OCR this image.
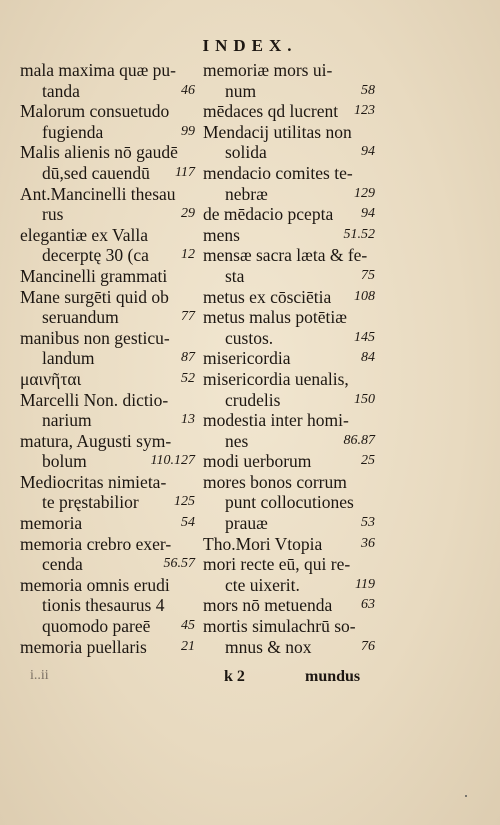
INDEX.
mala maxima quæ pu-
tanda	46
Malorum consuetudo
fugienda	99
Malis alienis nō gaudē
dū,sed cauendū 117
Ant.Mancinelli thesau
rus	29
elegantiæ ex Valla
decerptę 30 (ca 12
Mancinelli grammati
Mane surgēti quid ob
seruandum	77
manibus non gesticu-
landum	87
μαινῆται	52
Marcelli Non. dictio-
narium	13
matura, Augusti sym-
bolum	110.127
Mediocritas nimieta-
te pręstabilior	125
memoria	54
memoria crebro exer-
cenda	56.57
memoria omnis erudi
tionis thesaurus 4
quomodo pareē 45
memoria puellaris 21
memoriæ mors ui-
num	58
mēdaces qd lucrent 123
Mendacij utilitas non
solida	94
mendacio comites te-
nebræ	129
de mēdacio pcepta 94
mens	51.52
mensæ sacra læta & fe-
sta	75
metus ex cōsciētia 108
metus malus potētiæ
custos.	145
misericordia	84
misericordia uenalis,
crudelis	150
modestia inter homi-
nes	86.87
modi uerborum	25
mores bonos corrum
punt collocutiones
prauæ	53
Tho.Mori Vtopia	36
mori recte eū, qui re-
cte uixerit.	119
mors nō metuenda 63
mortis simulachrū so-
mnus & nox	76
i..ii	k 2	mundus
